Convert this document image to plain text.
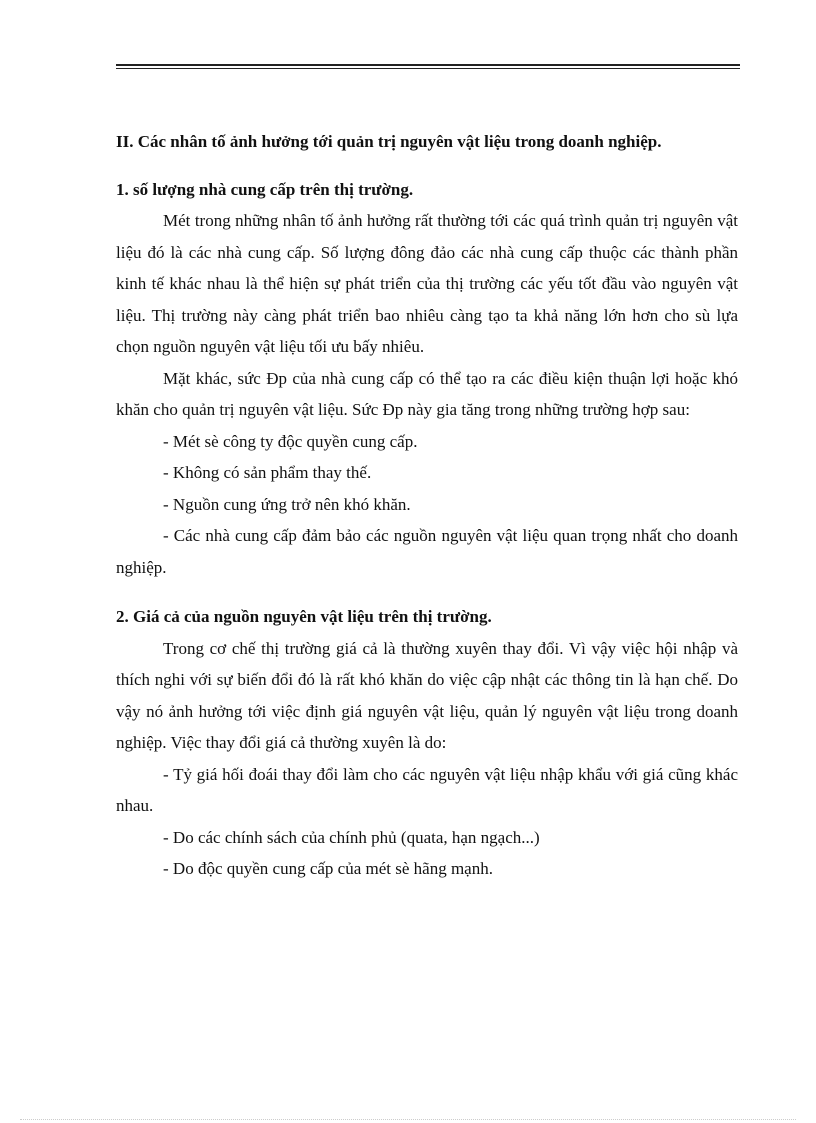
II. Các nhân tố ảnh hưởng tới quản trị nguyên vật liệu trong doanh nghiệp.
1. số lượng nhà cung cấp trên thị trường.

Mét trong những nhân tố ảnh hưởng rất thường tới các quá trình quản trị nguyên vật liệu đó là các nhà cung cấp. Số lượng đông đảo các nhà cung cấp thuộc các thành phần kinh tế khác nhau là thể hiện sự phát triển của thị trường các yếu tốt đầu vào nguyên vật liệu. Thị trường này càng phát triển bao nhiêu càng tạo ta khả năng lớn hơn cho sù lựa chọn nguồn nguyên vật liệu tối ưu bấy nhiêu.

Mặt khác, sức Ðp của nhà cung cấp có thể tạo ra các điều kiện thuận lợi hoặc khó khăn cho quản trị nguyên vật liệu. Sức Ðp này gia tăng trong những trường hợp sau:

- Mét sè công ty độc quyền cung cấp.

- Không có sản phẩm thay thế.

- Nguồn cung ứng trở nên khó khăn.

- Các nhà cung cấp đảm bảo các nguồn nguyên vật liệu quan trọng nhất cho doanh nghiệp.

2. Giá cả của nguồn nguyên vật liệu trên thị trường.

Trong cơ chế thị trường giá cả là thường xuyên thay đổi. Vì vậy việc hội nhập và thích nghi với sự biến đổi đó là rất khó khăn do việc cập nhật các thông tin là hạn chế. Do vậy nó ảnh hưởng tới việc định giá nguyên vật liệu, quản lý nguyên vật liệu trong doanh nghiệp. Việc thay đổi giá cả thường xuyên là do:

- Tỷ giá hối đoái thay đổi làm cho các nguyên vật liệu nhập khẩu với giá cũng khác nhau.

- Do các chính sách của chính phủ (quata, hạn ngạch...)

- Do độc quyền cung cấp của mét sè hãng mạnh.
